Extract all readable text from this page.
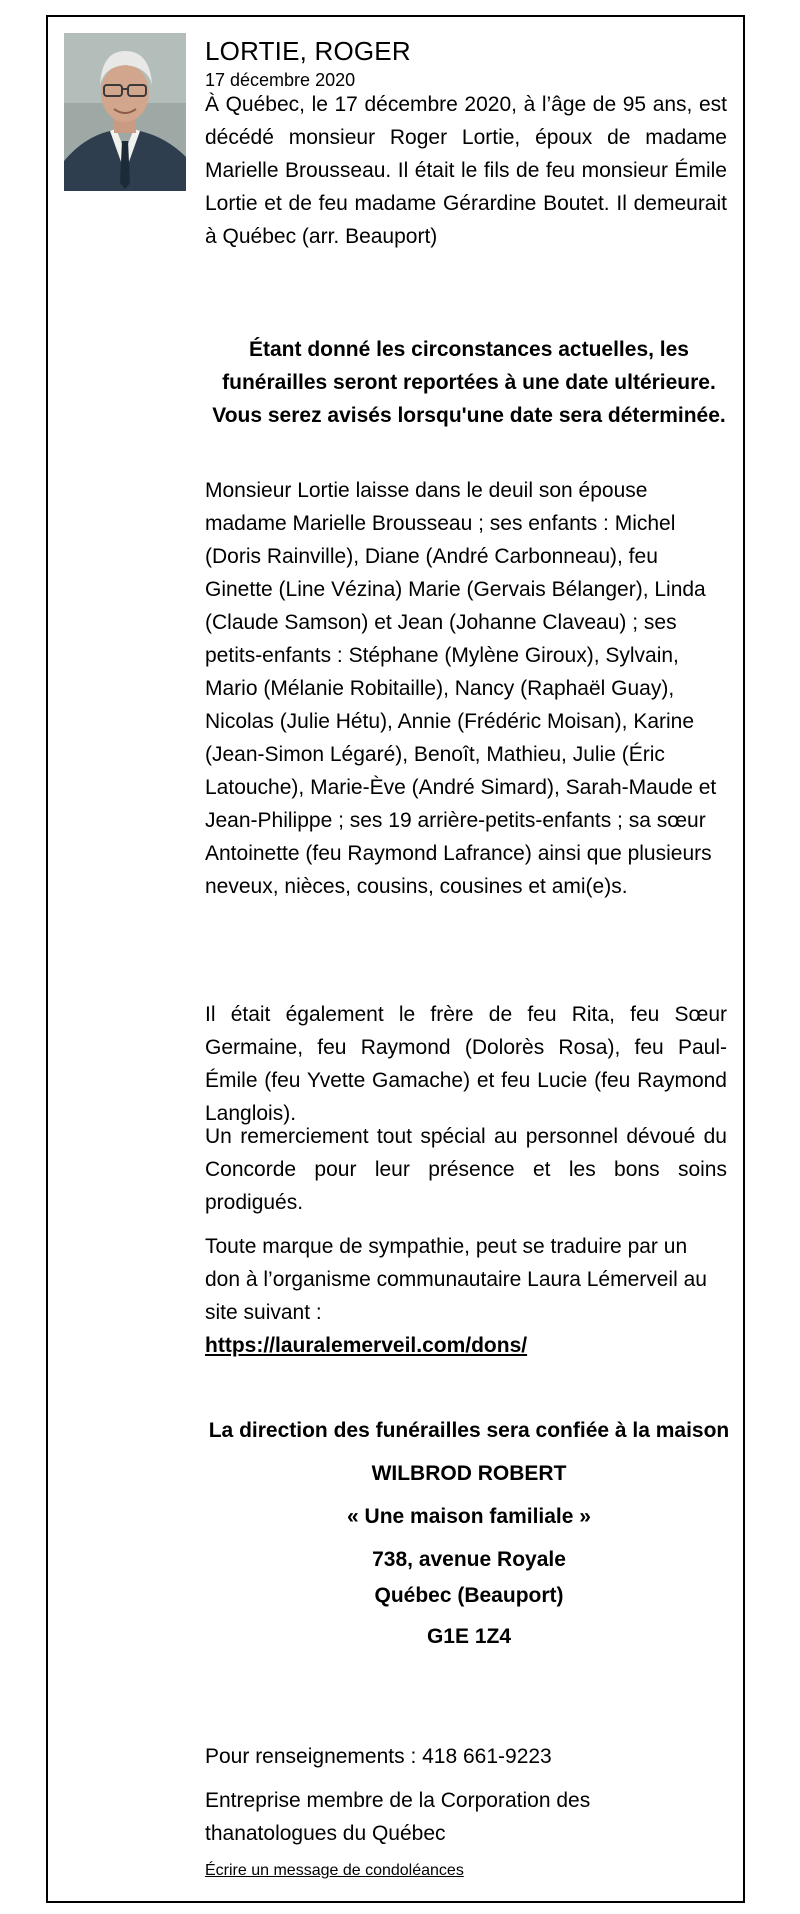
LORTIE, ROGER
17 décembre 2020

À Québec, le 17 décembre 2020, à l’âge de 95 ans, est décédé monsieur Roger Lortie, époux de madame Marielle Brousseau. Il était le fils de feu monsieur Émile Lortie et de feu madame Gérardine Boutet. Il demeurait à Québec (arr. Beauport)

Étant donné les circonstances actuelles, les funérailles seront reportées à une date ultérieure. Vous serez avisés lorsqu'une date sera déterminée.

Monsieur Lortie laisse dans le deuil son épouse madame Marielle Brousseau ; ses enfants : Michel (Doris Rainville), Diane (André Carbonneau), feu Ginette (Line Vézina) Marie (Gervais Bélanger), Linda (Claude Samson) et Jean (Johanne Claveau) ; ses petits-enfants : Stéphane (Mylène Giroux), Sylvain, Mario (Mélanie Robitaille), Nancy (Raphaël Guay), Nicolas (Julie Hétu), Annie (Frédéric Moisan), Karine (Jean-Simon Légaré), Benoît, Mathieu, Julie (Éric Latouche), Marie-Ève (André Simard), Sarah-Maude et Jean-Philippe ; ses 19 arrière-petits-enfants ; sa sœur Antoinette (feu Raymond Lafrance) ainsi que plusieurs neveux, nièces, cousins, cousines et ami(e)s.

Il était également le frère de feu Rita, feu Sœur Germaine, feu Raymond (Dolorès Rosa), feu Paul-Émile (feu Yvette Gamache) et feu Lucie (feu Raymond Langlois).

Un remerciement tout spécial au personnel dévoué du Concorde pour leur présence et les bons soins prodigués.

Toute marque de sympathie, peut se traduire par un don à l’organisme communautaire Laura Lémerveil au site suivant :

https://lauralemerveil.com/dons/

La direction des funérailles sera confiée à la maison

WILBROD ROBERT

« Une maison familiale »

738, avenue Royale

Québec (Beauport)

G1E 1Z4

Pour renseignements : 418 661-9223

Entreprise membre de la Corporation des thanatologues du Québec

Écrire un message de condoléances
